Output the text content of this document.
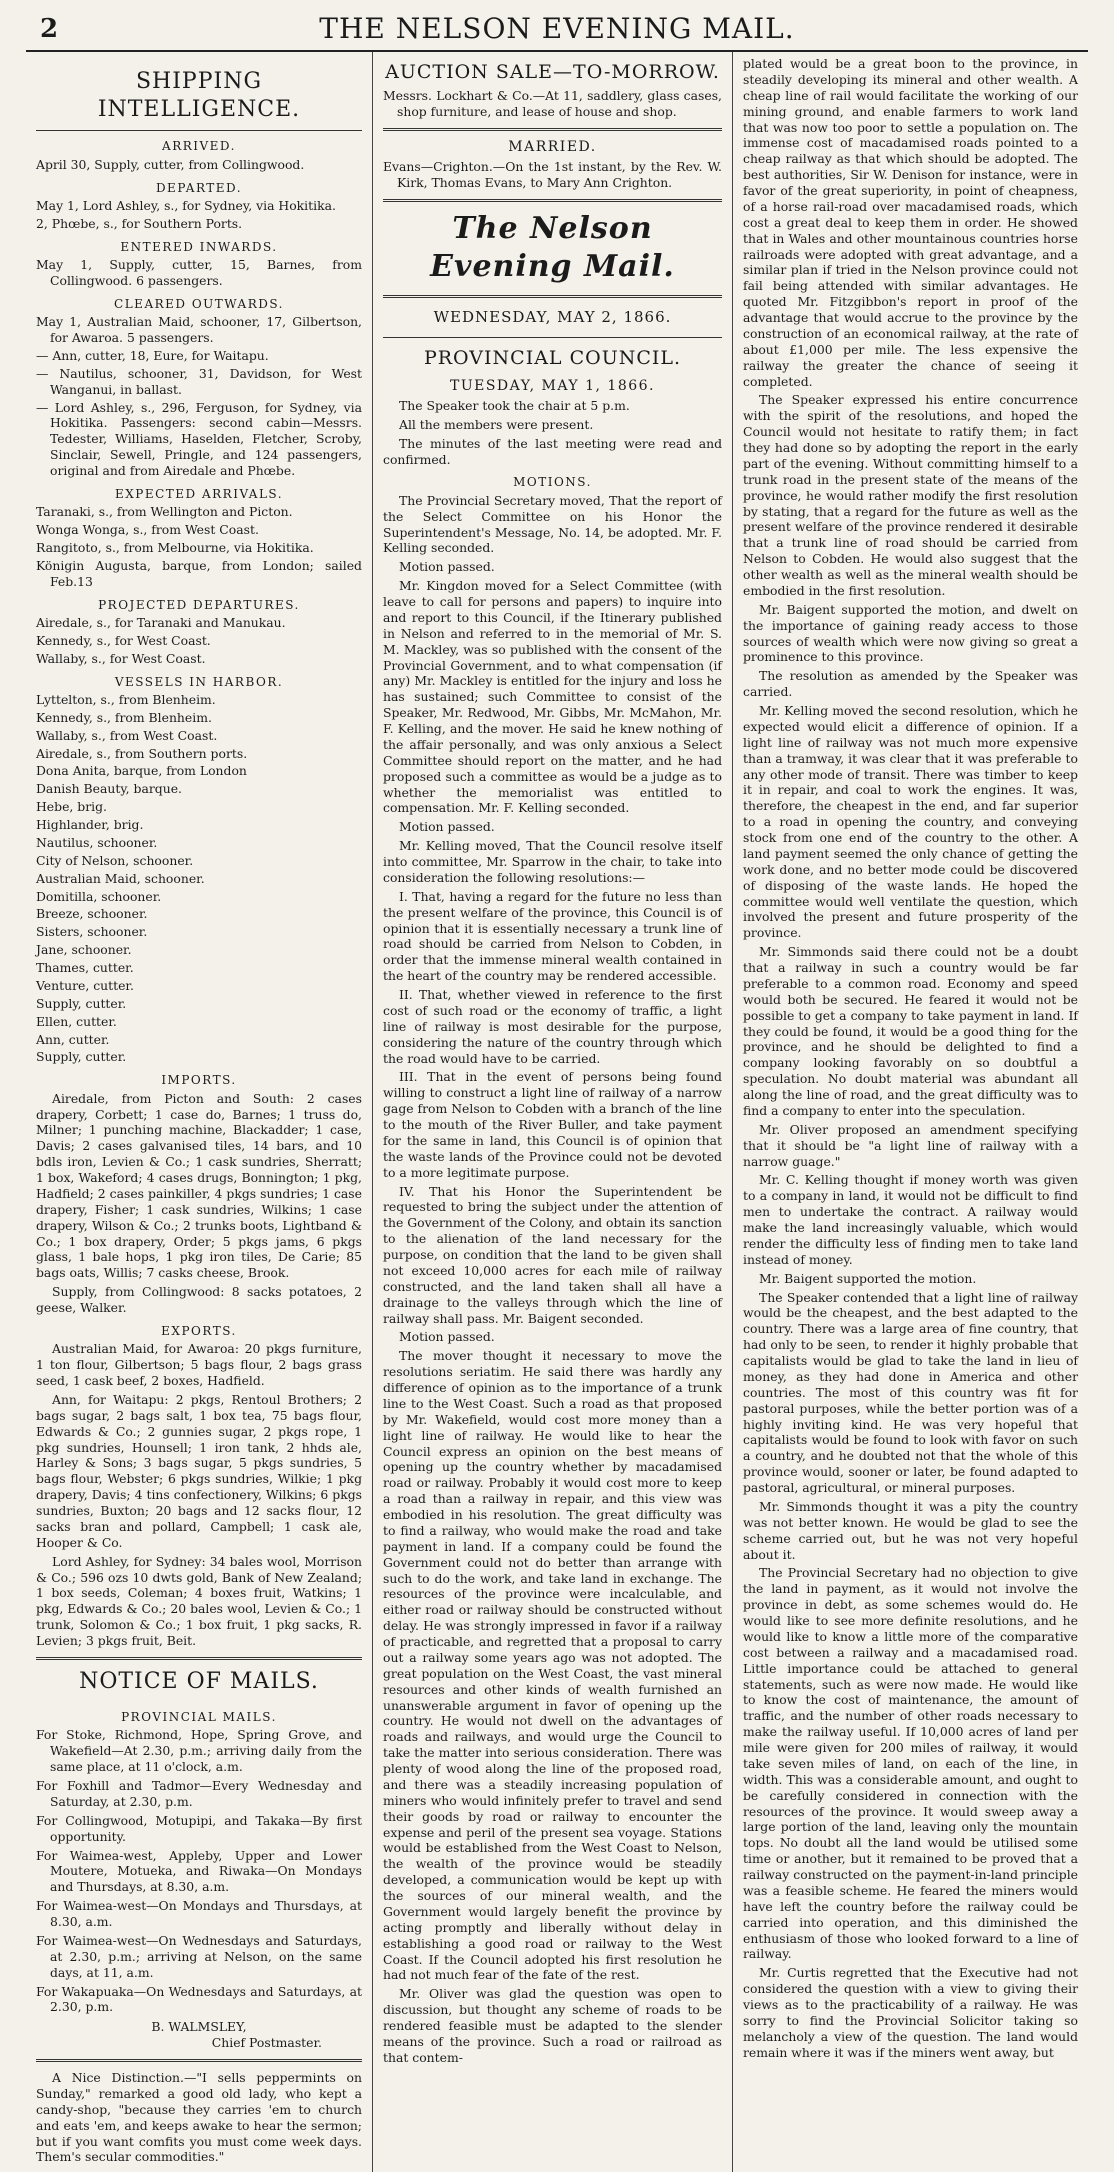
2	THE NELSON EVENING MAIL.
SHIPPING INTELLIGENCE.
ARRIVED.

April 30, Supply, cutter, from Collingwood.

DEPARTED.

May 1, Lord Ashley, s., for Sydney, via Hokitika.

2, Phœbe, s., for Southern Ports.

ENTERED INWARDS.

May 1, Supply, cutter, 15, Barnes, from Collingwood. 6 passengers.

CLEARED OUTWARDS.

May 1, Australian Maid, schooner, 17, Gilbertson, for Awaroa. 5 passengers.

— Ann, cutter, 18, Eure, for Waitapu.

— Nautilus, schooner, 31, Davidson, for West Wanganui, in ballast.

— Lord Ashley, s., 296, Ferguson, for Sydney, via Hokitika. Passengers: second cabin—Messrs. Tedester, Williams, Haselden, Fletcher, Scroby, Sinclair, Sewell, Pringle, and 124 passengers, original and from Airedale and Phœbe.

EXPECTED ARRIVALS.

Taranaki, s., from Wellington and Picton.

Wonga Wonga, s., from West Coast.

Rangitoto, s., from Melbourne, via Hokitika.

Königin Augusta, barque, from London; sailed Feb.13

PROJECTED DEPARTURES.

Airedale, s., for Taranaki and Manukau.

Kennedy, s., for West Coast.

Wallaby, s., for West Coast.

VESSELS IN HARBOR.

Lyttelton, s., from Blenheim.

Kennedy, s., from Blenheim.

Wallaby, s., from West Coast.

Airedale, s., from Southern ports.

Dona Anita, barque, from London

Danish Beauty, barque.

Hebe, brig.

Highlander, brig.

Nautilus, schooner.

City of Nelson, schooner.

Australian Maid, schooner.

Domitilla, schooner.

Breeze, schooner.

Sisters, schooner.

Jane, schooner.

Thames, cutter.

Venture, cutter.

Supply, cutter.

Ellen, cutter.

Ann, cutter.

Supply, cutter.

IMPORTS.

Airedale, from Picton and South: 2 cases drapery, Corbett; 1 case do, Barnes; 1 truss do, Milner; 1 punching machine, Blackadder; 1 case, Davis; 2 cases galvanised tiles, 14 bars, and 10 bdls iron, Levien & Co.; 1 cask sundries, Sherratt; 1 box, Wakeford; 4 cases drugs, Bonnington; 1 pkg, Hadfield; 2 cases painkiller, 4 pkgs sundries; 1 case drapery, Fisher; 1 cask sundries, Wilkins; 1 case drapery, Wilson & Co.; 2 trunks boots, Lightband & Co.; 1 box drapery, Order; 5 pkgs jams, 6 pkgs glass, 1 bale hops, 1 pkg iron tiles, De Carie; 85 bags oats, Willis; 7 casks cheese, Brook.

Supply, from Collingwood: 8 sacks potatoes, 2 geese, Walker.

EXPORTS.

Australian Maid, for Awaroa: 20 pkgs furniture, 1 ton flour, Gilbertson; 5 bags flour, 2 bags grass seed, 1 cask beef, 2 boxes, Hadfield.

Ann, for Waitapu: 2 pkgs, Rentoul Brothers; 2 bags sugar, 2 bags salt, 1 box tea, 75 bags flour, Edwards & Co.; 2 gunnies sugar, 2 pkgs rope, 1 pkg sundries, Hounsell; 1 iron tank, 2 hhds ale, Harley & Sons; 3 bags sugar, 5 pkgs sundries, 5 bags flour, Webster; 6 pkgs sundries, Wilkie; 1 pkg drapery, Davis; 4 tins confectionery, Wilkins; 6 pkgs sundries, Buxton; 20 bags and 12 sacks flour, 12 sacks bran and pollard, Campbell; 1 cask ale, Hooper & Co.

Lord Ashley, for Sydney: 34 bales wool, Morrison & Co.; 596 ozs 10 dwts gold, Bank of New Zealand; 1 box seeds, Coleman; 4 boxes fruit, Watkins; 1 pkg, Edwards & Co.; 20 bales wool, Levien & Co.; 1 trunk, Solomon & Co.; 1 box fruit, 1 pkg sacks, R. Levien; 3 pkgs fruit, Beit.

NOTICE OF MAILS.
PROVINCIAL MAILS.

For Stoke, Richmond, Hope, Spring Grove, and Wakefield—At 2.30, p.m.; arriving daily from the same place, at 11 o'clock, a.m.

For Foxhill and Tadmor—Every Wednesday and Saturday, at 2.30, p.m.

For Collingwood, Motupipi, and Takaka—By first opportunity.

For Waimea-west, Appleby, Upper and Lower Moutere, Motueka, and Riwaka—On Mondays and Thursdays, at 8.30, a.m.

For Waimea-west—On Mondays and Thursdays, at 8.30, a.m.

For Waimea-west—On Wednesdays and Saturdays, at 2.30, p.m.; arriving at Nelson, on the same days, at 11, a.m.

For Wakapuaka—On Wednesdays and Saturdays, at 2.30, p.m.

B. WALMSLEY,
Chief Postmaster.

A Nice Distinction.—"I sells peppermints on Sunday," remarked a good old lady, who kept a candy-shop, "because they carries 'em to church and eats 'em, and keeps awake to hear the sermon; but if you want comfits you must come week days. Them's secular commodities."

AUCTION SALE—TO-MORROW.

Messrs. Lockhart & Co.—At 11, saddlery, glass cases, shop furniture, and lease of house and shop.

MARRIED.

Evans—Crighton.—On the 1st instant, by the Rev. W. Kirk, Thomas Evans, to Mary Ann Crighton.

The Nelson Evening Mail.
WEDNESDAY, MAY 2, 1866.
PROVINCIAL COUNCIL.
TUESDAY, MAY 1, 1866.

The Speaker took the chair at 5 p.m.

All the members were present.

The minutes of the last meeting were read and confirmed.

MOTIONS.

The Provincial Secretary moved, That the report of the Select Committee on his Honor the Superintendent's Message, No. 14, be adopted. Mr. F. Kelling seconded.

Motion passed.

Mr. Kingdon moved for a Select Committee (with leave to call for persons and papers) to inquire into and report to this Council, if the Itinerary published in Nelson and referred to in the memorial of Mr. S. M. Mackley, was so published with the consent of the Provincial Government, and to what compensation (if any) Mr. Mackley is entitled for the injury and loss he has sustained; such Committee to consist of the Speaker, Mr. Redwood, Mr. Gibbs, Mr. McMahon, Mr. F. Kelling, and the mover. He said he knew nothing of the affair personally, and was only anxious a Select Committee should report on the matter, and he had proposed such a committee as would be a judge as to whether the memorialist was entitled to compensation. Mr. F. Kelling seconded.

Motion passed.

Mr. Kelling moved, That the Council resolve itself into committee, Mr. Sparrow in the chair, to take into consideration the following resolutions:—

I. That, having a regard for the future no less than the present welfare of the province, this Council is of opinion that it is essentially necessary a trunk line of road should be carried from Nelson to Cobden, in order that the immense mineral wealth contained in the heart of the country may be rendered accessible.

II. That, whether viewed in reference to the first cost of such road or the economy of traffic, a light line of railway is most desirable for the purpose, considering the nature of the country through which the road would have to be carried.

III. That in the event of persons being found willing to construct a light line of railway of a narrow gage from Nelson to Cobden with a branch of the line to the mouth of the River Buller, and take payment for the same in land, this Council is of opinion that the waste lands of the Province could not be devoted to a more legitimate purpose.

IV. That his Honor the Superintendent be requested to bring the subject under the attention of the Government of the Colony, and obtain its sanction to the alienation of the land necessary for the purpose, on condition that the land to be given shall not exceed 10,000 acres for each mile of railway constructed, and the land taken shall all have a drainage to the valleys through which the line of railway shall pass. Mr. Baigent seconded.

Motion passed.

The mover thought it necessary to move the resolutions seriatim. He said there was hardly any difference of opinion as to the importance of a trunk line to the West Coast. Such a road as that proposed by Mr. Wakefield, would cost more money than a light line of railway. He would like to hear the Council express an opinion on the best means of opening up the country whether by macadamised road or railway. Probably it would cost more to keep a road than a railway in repair, and this view was embodied in his resolution. The great difficulty was to find a railway, who would make the road and take payment in land. If a company could be found the Government could not do better than arrange with such to do the work, and take land in exchange. The resources of the province were incalculable, and either road or railway should be constructed without delay. He was strongly impressed in favor if a railway of practicable, and regretted that a proposal to carry out a railway some years ago was not adopted. The great population on the West Coast, the vast mineral resources and other kinds of wealth furnished an unanswerable argument in favor of opening up the country. He would not dwell on the advantages of roads and railways, and would urge the Council to take the matter into serious consideration. There was plenty of wood along the line of the proposed road, and there was a steadily increasing population of miners who would infinitely prefer to travel and send their goods by road or railway to encounter the expense and peril of the present sea voyage. Stations would be established from the West Coast to Nelson, the wealth of the province would be steadily developed, a communication would be kept up with the sources of our mineral wealth, and the Government would largely benefit the province by acting promptly and liberally without delay in establishing a good road or railway to the West Coast. If the Council adopted his first resolution he had not much fear of the fate of the rest.

Mr. Oliver was glad the question was open to discussion, but thought any scheme of roads to be rendered feasible must be adapted to the slender means of the province. Such a road or railroad as that contem-

plated would be a great boon to the province, in steadily developing its mineral and other wealth. A cheap line of rail would facilitate the working of our mining ground, and enable farmers to work land that was now too poor to settle a population on. The immense cost of macadamised roads pointed to a cheap railway as that which should be adopted. The best authorities, Sir W. Denison for instance, were in favor of the great superiority, in point of cheapness, of a horse rail-road over macadamised roads, which cost a great deal to keep them in order. He showed that in Wales and other mountainous countries horse railroads were adopted with great advantage, and a similar plan if tried in the Nelson province could not fail being attended with similar advantages. He quoted Mr. Fitzgibbon's report in proof of the advantage that would accrue to the province by the construction of an economical railway, at the rate of about £1,000 per mile. The less expensive the railway the greater the chance of seeing it completed.

The Speaker expressed his entire concurrence with the spirit of the resolutions, and hoped the Council would not hesitate to ratify them; in fact they had done so by adopting the report in the early part of the evening. Without committing himself to a trunk road in the present state of the means of the province, he would rather modify the first resolution by stating, that a regard for the future as well as the present welfare of the province rendered it desirable that a trunk line of road should be carried from Nelson to Cobden. He would also suggest that the other wealth as well as the mineral wealth should be embodied in the first resolution.

Mr. Baigent supported the motion, and dwelt on the importance of gaining ready access to those sources of wealth which were now giving so great a prominence to this province.

The resolution as amended by the Speaker was carried.

Mr. Kelling moved the second resolution, which he expected would elicit a difference of opinion. If a light line of railway was not much more expensive than a tramway, it was clear that it was preferable to any other mode of transit. There was timber to keep it in repair, and coal to work the engines. It was, therefore, the cheapest in the end, and far superior to a road in opening the country, and conveying stock from one end of the country to the other. A land payment seemed the only chance of getting the work done, and no better mode could be discovered of disposing of the waste lands. He hoped the committee would well ventilate the question, which involved the present and future prosperity of the province.

Mr. Simmonds said there could not be a doubt that a railway in such a country would be far preferable to a common road. Economy and speed would both be secured. He feared it would not be possible to get a company to take payment in land. If they could be found, it would be a good thing for the province, and he should be delighted to find a company looking favorably on so doubtful a speculation. No doubt material was abundant all along the line of road, and the great difficulty was to find a company to enter into the speculation.

Mr. Oliver proposed an amendment specifying that it should be "a light line of railway with a narrow guage."

Mr. C. Kelling thought if money worth was given to a company in land, it would not be difficult to find men to undertake the contract. A railway would make the land increasingly valuable, which would render the difficulty less of finding men to take land instead of money.

Mr. Baigent supported the motion.

The Speaker contended that a light line of railway would be the cheapest, and the best adapted to the country. There was a large area of fine country, that had only to be seen, to render it highly probable that capitalists would be glad to take the land in lieu of money, as they had done in America and other countries. The most of this country was fit for pastoral purposes, while the better portion was of a highly inviting kind. He was very hopeful that capitalists would be found to look with favor on such a country, and he doubted not that the whole of this province would, sooner or later, be found adapted to pastoral, agricultural, or mineral purposes.

Mr. Simmonds thought it was a pity the country was not better known. He would be glad to see the scheme carried out, but he was not very hopeful about it.

The Provincial Secretary had no objection to give the land in payment, as it would not involve the province in debt, as some schemes would do. He would like to see more definite resolutions, and he would like to know a little more of the comparative cost between a railway and a macadamised road. Little importance could be attached to general statements, such as were now made. He would like to know the cost of maintenance, the amount of traffic, and the number of other roads necessary to make the railway useful. If 10,000 acres of land per mile were given for 200 miles of railway, it would take seven miles of land, on each of the line, in width. This was a considerable amount, and ought to be carefully considered in connection with the resources of the province. It would sweep away a large portion of the land, leaving only the mountain tops. No doubt all the land would be utilised some time or another, but it remained to be proved that a railway constructed on the payment-in-land principle was a feasible scheme. He feared the miners would have left the country before the railway could be carried into operation, and this diminished the enthusiasm of those who looked forward to a line of railway.

Mr. Curtis regretted that the Executive had not considered the question with a view to giving their views as to the practicability of a railway. He was sorry to find the Provincial Solicitor taking so melancholy a view of the question. The land would remain where it was if the miners went away, but
